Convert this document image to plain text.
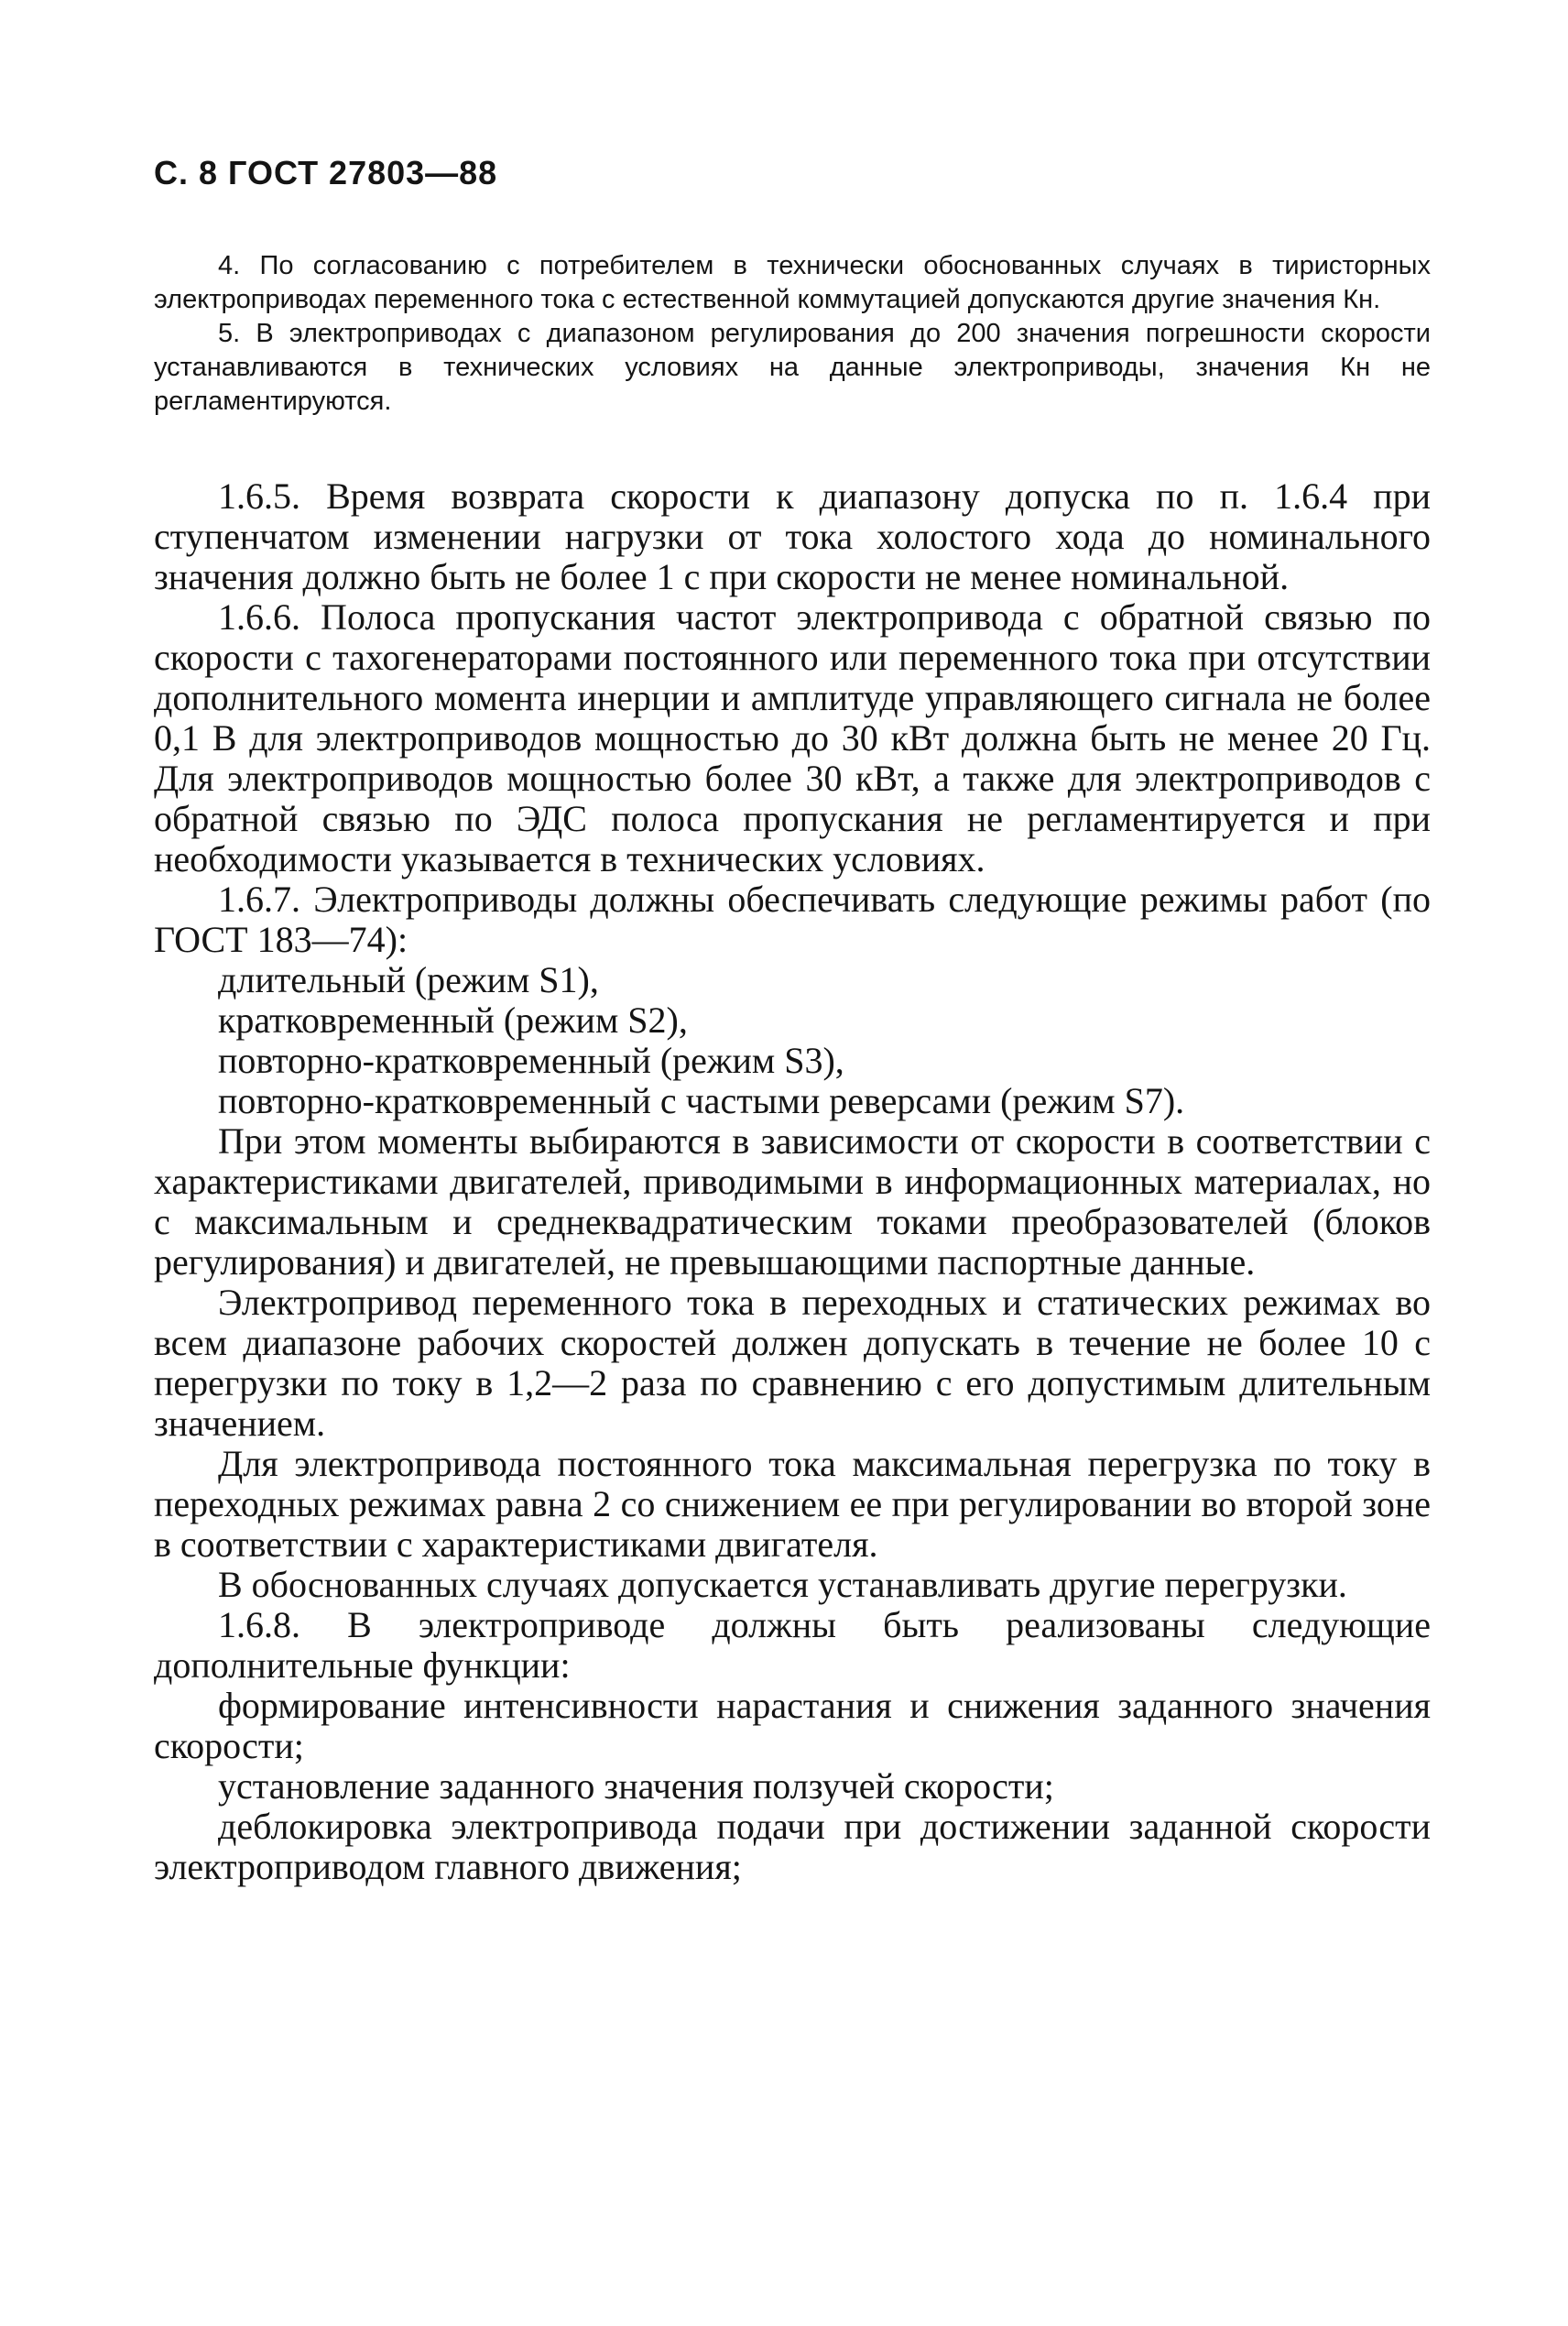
С. 8 ГОСТ 27803—88

4. По согласованию с потребителем в технически обоснованных случаях в тиристорных электроприводах переменного тока с естественной коммутацией допускаются другие значения Кн.

5. В электроприводах с диапазоном регулирования до 200 значения погрешности скорости устанавливаются в технических условиях на данные электроприводы, значения Кн не регламентируются.

1.6.5. Время возврата скорости к диапазону допуска по п. 1.6.4 при ступенчатом изменении нагрузки от тока холостого хода до номинального значения должно быть не более 1 с при скорости не менее номинальной.

1.6.6. Полоса пропускания частот электропривода с обратной связью по скорости с тахогенераторами постоянного или переменного тока при отсутствии дополнительного момента инерции и амплитуде управляющего сигнала не более 0,1 В для электроприводов мощностью до 30 кВт должна быть не менее 20 Гц. Для электроприводов мощностью более 30 кВт, а также для электроприводов с обратной связью по ЭДС полоса пропускания не регламентируется и при необходимости указывается в технических условиях.

1.6.7. Электроприводы должны обеспечивать следующие режимы работ (по ГОСТ 183—74):

длительный (режим S1),

кратковременный (режим S2),

повторно-кратковременный (режим S3),

повторно-кратковременный с частыми реверсами (режим S7).

При этом моменты выбираются в зависимости от скорости в соответствии с характеристиками двигателей, приводимыми в информационных материалах, но с максимальным и среднеквадратическим токами преобразователей (блоков регулирования) и двигателей, не превышающими паспортные данные.

Электропривод переменного тока в переходных и статических режимах во всем диапазоне рабочих скоростей должен допускать в течение не более 10 с перегрузки по току в 1,2—2 раза по сравнению с его допустимым длительным значением.

Для электропривода постоянного тока максимальная перегрузка по току в переходных режимах равна 2 со снижением ее при регулировании во второй зоне в соответствии с характеристиками двигателя.

В обоснованных случаях допускается устанавливать другие перегрузки.

1.6.8. В электроприводе должны быть реализованы следующие дополнительные функции:

формирование интенсивности нарастания и снижения заданного значения скорости;

установление заданного значения ползучей скорости;

деблокировка электропривода подачи при достижении заданной скорости электроприводом главного движения;
